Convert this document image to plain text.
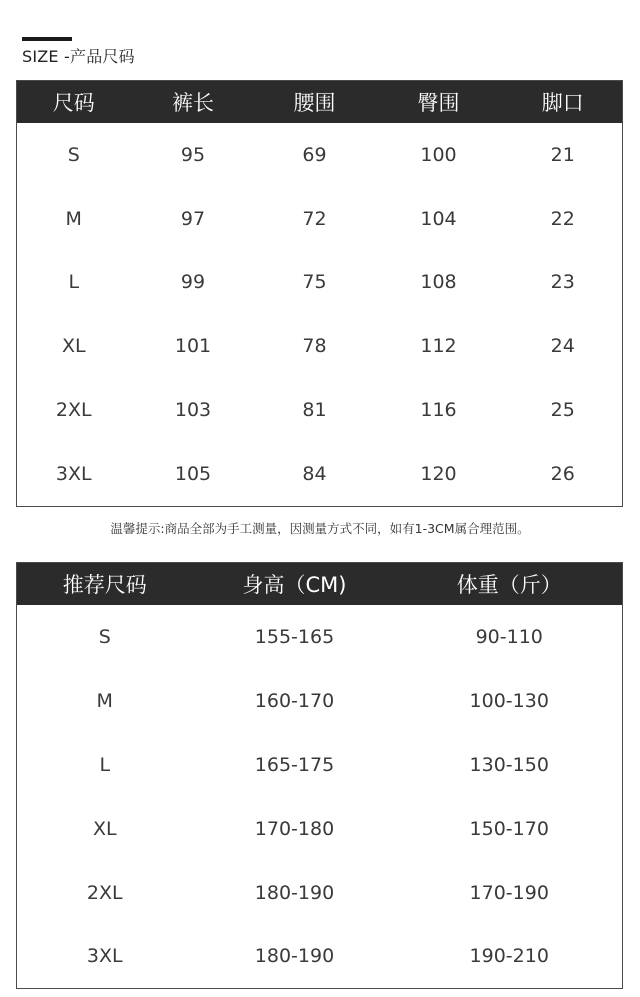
SIZE -产品尺码
尺码	裤长	腰围	臀围	脚口
S	95	69	100	21
M	97	72	104	22
L	99	75	108	23
XL	101	78	112	24
2XL	103	81	116	25
3XL	105	84	120	26
温馨提示:商品全部为手工测量，因测量方式不同，如有1-3CM属合理范围。
推荐尺码	身高（CM)	体重（斤）
S	155-165	90-110
M	160-170	100-130
L	165-175	130-150
XL	170-180	150-170
2XL	180-190	170-190
3XL	180-190	190-210
